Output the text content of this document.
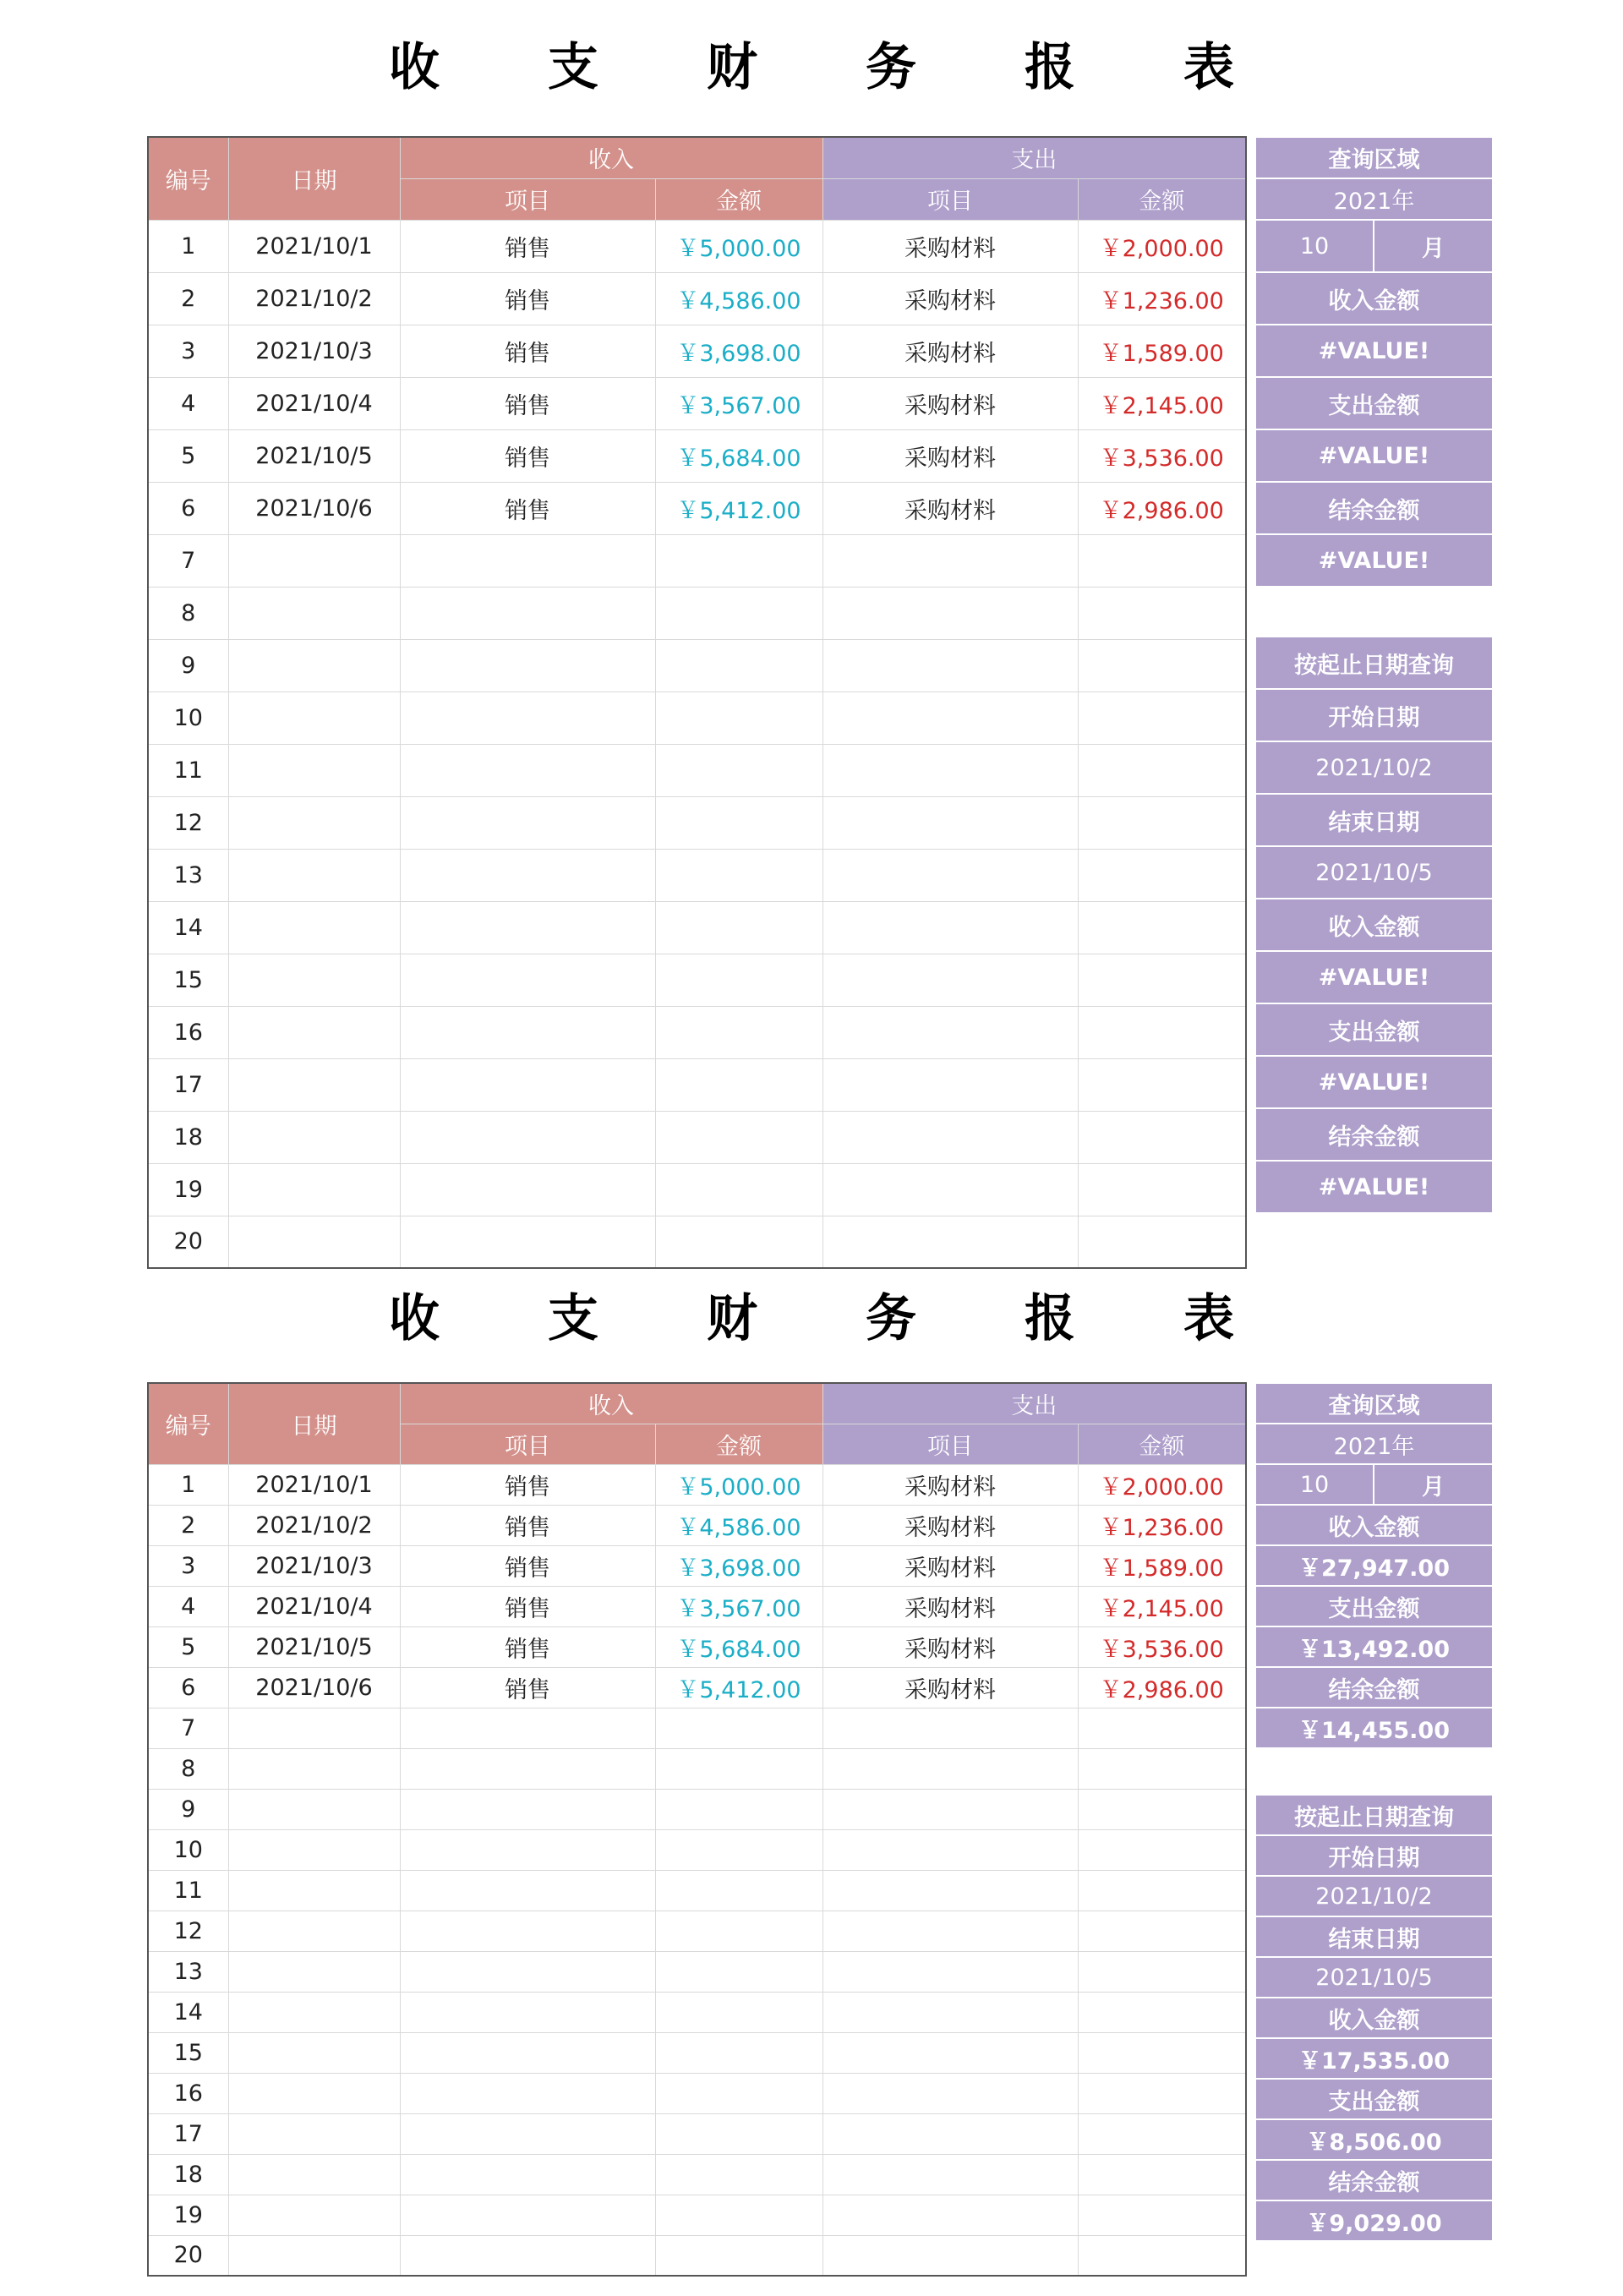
收 支 财 务 报 表
编号	日期	收入		支出	
		项目	金额	项目	金额
1	2021/10/1	销售	￥5,000.00	采购材料	￥2,000.00
2	2021/10/2	销售	￥4,586.00	采购材料	￥1,236.00
3	2021/10/3	销售	￥3,698.00	采购材料	￥1,589.00
4	2021/10/4	销售	￥3,567.00	采购材料	￥2,145.00
5	2021/10/5	销售	￥5,684.00	采购材料	￥3,536.00
6	2021/10/6	销售	￥5,412.00	采购材料	￥2,986.00
7					
8					
9					
10					
11					
12					
13					
14					
15					
16					
17					
18					
19					
20					
查询区域
2021年
10	月
收入金额
#VALUE!
支出金额
#VALUE!
结余金额
#VALUE!
按起止日期查询
开始日期
2021/10/2
结束日期
2021/10/5
收入金额
#VALUE!
支出金额
#VALUE!
结余金额
#VALUE!
收 支 财 务 报 表
编号	日期	收入		支出	
		项目	金额	项目	金额
1	2021/10/1	销售	￥5,000.00	采购材料	￥2,000.00
2	2021/10/2	销售	￥4,586.00	采购材料	￥1,236.00
3	2021/10/3	销售	￥3,698.00	采购材料	￥1,589.00
4	2021/10/4	销售	￥3,567.00	采购材料	￥2,145.00
5	2021/10/5	销售	￥5,684.00	采购材料	￥3,536.00
6	2021/10/6	销售	￥5,412.00	采购材料	￥2,986.00
7					
8					
9					
10					
11					
12					
13					
14					
15					
16					
17					
18					
19					
20					
查询区域
2021年
10	月
收入金额
￥27,947.00
支出金额
￥13,492.00
结余金额
￥14,455.00
按起止日期查询
开始日期
2021/10/2
结束日期
2021/10/5
收入金额
￥17,535.00
支出金额
￥8,506.00
结余金额
￥9,029.00
